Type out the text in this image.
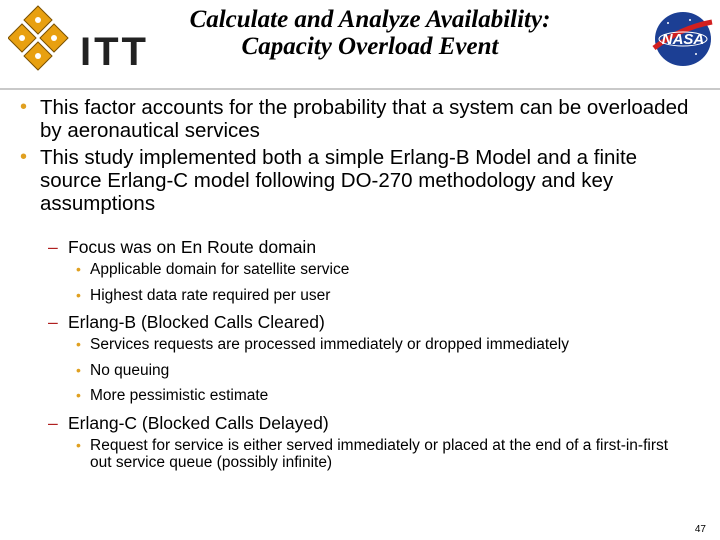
ITT
Calculate and Analyze Availability:
Capacity Overload Event	NASA
• This factor accounts for the probability that a system can be overloaded by aeronautical services
• This study implemented both a simple Erlang-B Model and a finite source Erlang-C model following DO-270 methodology and key assumptions
– Focus was on En Route domain
• Applicable domain for satellite service
• Highest data rate required per user
– Erlang-B (Blocked Calls Cleared)
• Services requests are processed immediately or dropped immediately
• No queuing
• More pessimistic estimate
– Erlang-C (Blocked Calls Delayed)
• Request for service is either served immediately or placed at the end of a first-in-first out service queue (possibly infinite)
47
